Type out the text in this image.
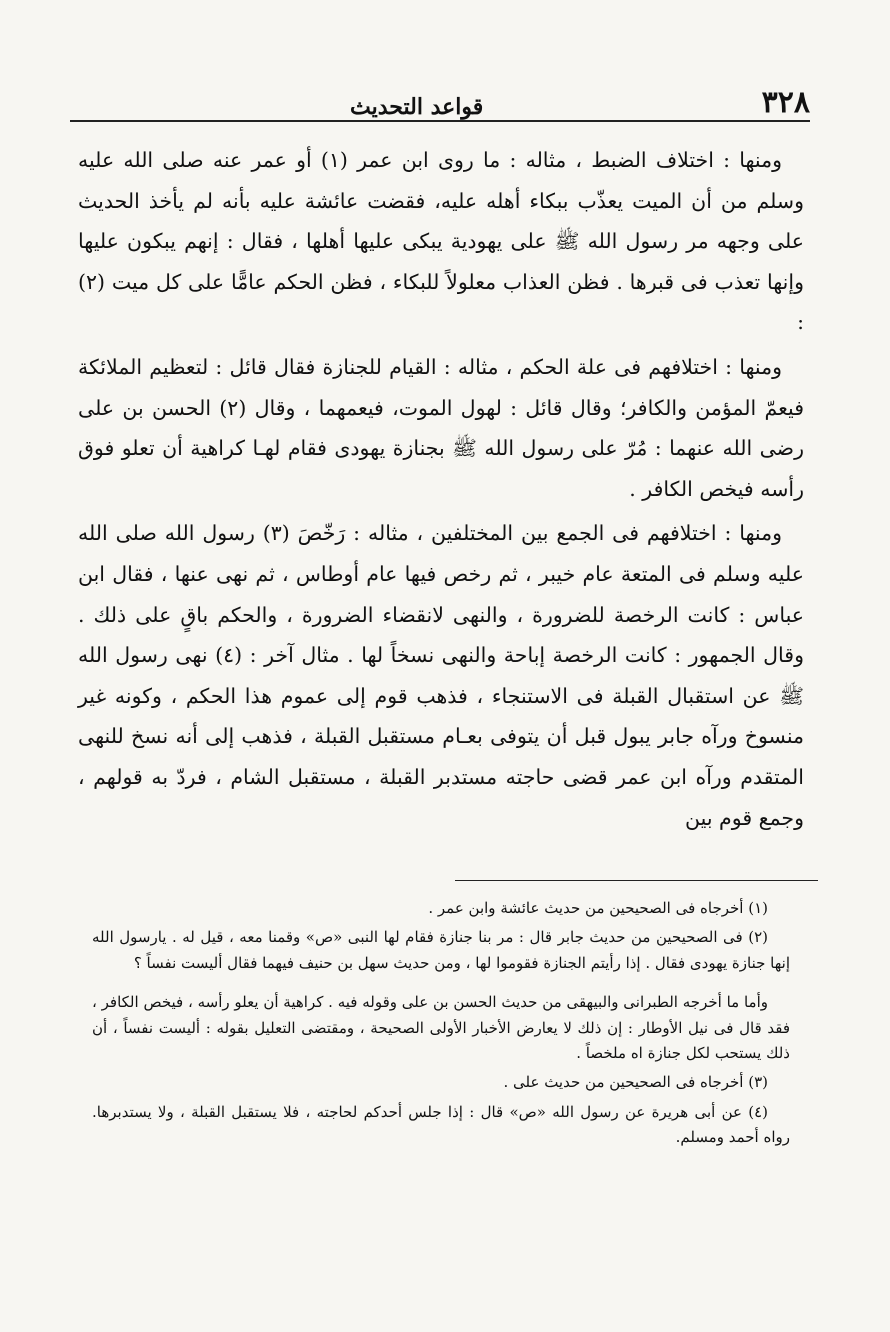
٣٢٨
قواعد التحديث

ومنها : اختلاف الضبط ، مثاله : ما روى ابن عمر (١) أو عمر عنه صلى الله عليه وسلم من أن الميت يعذّب ببكاء أهله عليه، فقضت عائشة عليه بأنه لم يأخذ الحديث على وجهه مر رسول الله ﷺ على يهودية يبكى عليها أهلها ، فقال : إنهم يبكون عليها وإنها تعذب فى قبرها . فظن العذاب معلولاً للبكاء ، فظن الحكم عامًّا على كل ميت (٢) :

ومنها : اختلافهم فى علة الحكم ، مثاله : القيام للجنازة فقال قائل : لتعظيم الملائكة فيعمّ المؤمن والكافر؛ وقال قائل : لهول الموت، فيعمهما ، وقال (٢) الحسن بن على رضى الله عنهما : مُرّ على رسول الله ﷺ بجنازة يهودى فقام لهـا كراهية أن تعلو فوق رأسه فيخص الكافر .

ومنها : اختلافهم فى الجمع بين المختلفين ، مثاله : رَخّصَ (٣) رسول الله صلى الله عليه وسلم فى المتعة عام خيبر ، ثم رخص فيها عام أوطاس ، ثم نهى عنها ، فقال ابن عباس : كانت الرخصة للضرورة ، والنهى لانقضاء الضرورة ، والحكم باقٍ على ذلك . وقال الجمهور : كانت الرخصة إباحة والنهى نسخاً لها . مثال آخر : (٤) نهى رسول الله ﷺ عن استقبال القبلة فى الاستنجاء ، فذهب قوم إلى عموم هذا الحكم ، وكونه غير منسوخ ورآه جابر يبول قبل أن يتوفى بعـام مستقبل القبلة ، فذهب إلى أنه نسخ للنهى المتقدم ورآه ابن عمر قضى حاجته مستدبر القبلة ، مستقبل الشام ، فردّ به قولهم ، وجمع قوم بين

(١) أخرجاه فى الصحيحين من حديث عائشة وابن عمر .

(٢) فى الصحيحين من حديث جابر قال : مر بنا جنازة فقام لها النبى «ص» وقمنا معه ، قيل له . يارسول الله إنها جنازة يهودى فقال . إذا رأيتم الجنازة فقوموا لها ، ومن حديث سهل بن حنيف فيهما فقال أليست نفساً ؟

وأما ما أخرجه الطبرانى والبيهقى من حديث الحسن بن على وقوله فيه . كراهية أن يعلو رأسه ، فيخص الكافر ، فقد قال فى نيل الأوطار : إن ذلك لا يعارض الأخبار الأولى الصحيحة ، ومقتضى التعليل بقوله : أليست نفساً ، أن ذلك يستحب لكل جنازة اه ملخصاً .

(٣) أخرجاه فى الصحيحين من حديث على .

(٤) عن أبى هريرة عن رسول الله «ص» قال : إذا جلس أحدكم لحاجته ، فلا يستقبل القبلة ، ولا يستدبرها. رواه أحمد ومسلم.
